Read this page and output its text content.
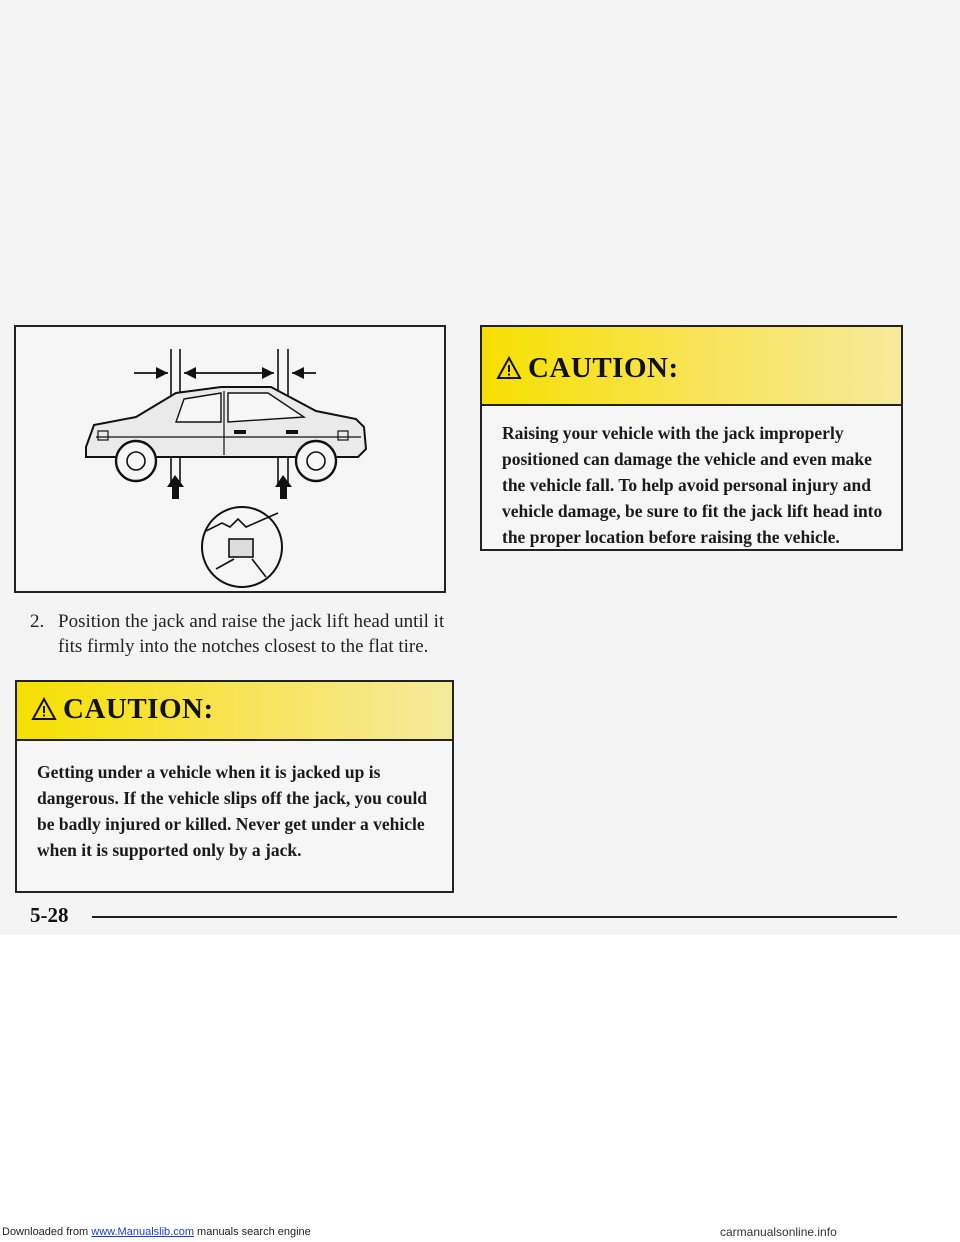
2. Position the jack and raise the jack lift head until it fits firmly into the notches closest to the flat tire.
CAUTION:
Getting under a vehicle when it is jacked up is dangerous. If the vehicle slips off the jack, you could be badly injured or killed. Never get under a vehicle when it is supported only by a jack.
CAUTION:
Raising your vehicle with the jack improperly positioned can damage the vehicle and even make the vehicle fall. To help avoid personal injury and vehicle damage, be sure to fit the jack lift head into the proper location before raising the vehicle.
5-28
Downloaded from www.Manualslib.com manuals search engine	carmanualsonline.info
